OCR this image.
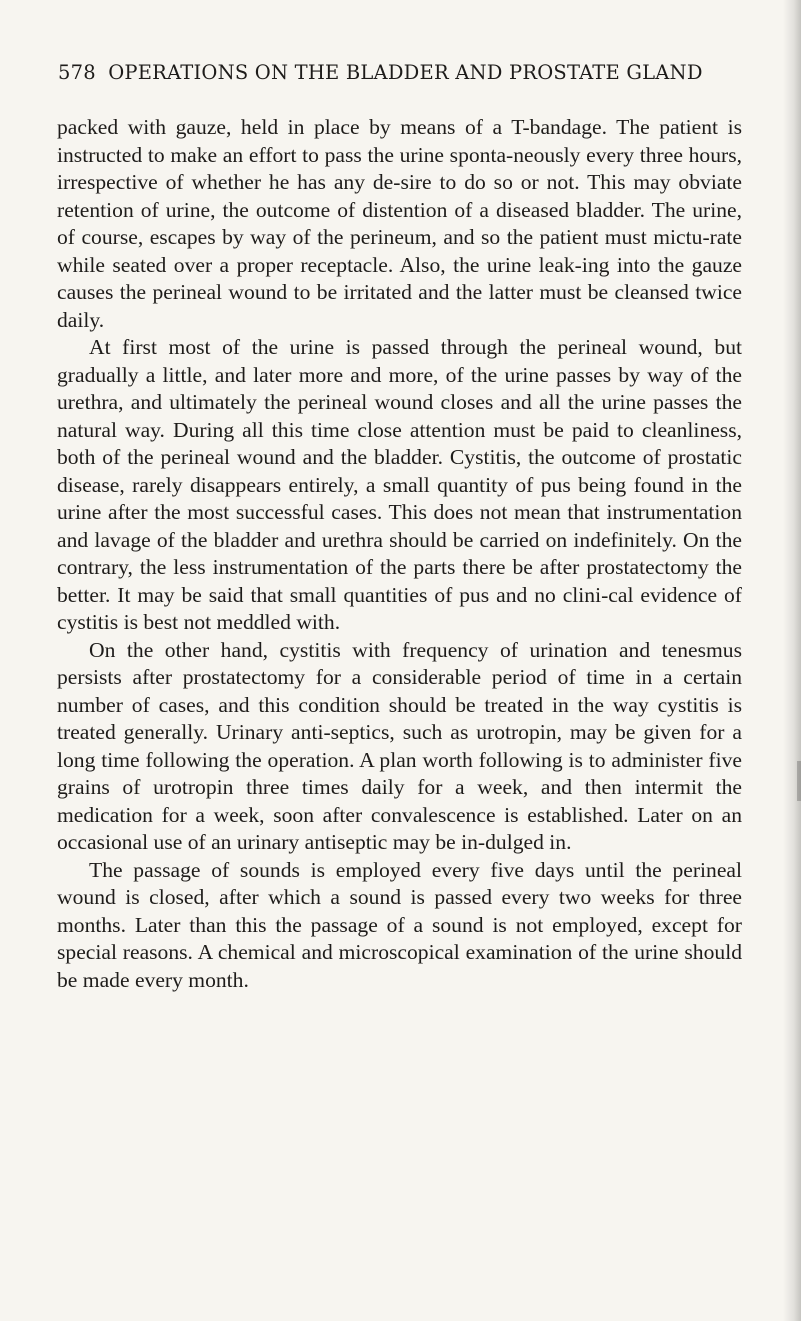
578 OPERATIONS ON THE BLADDER AND PROSTATE GLAND

packed with gauze, held in place by means of a T-bandage. The patient is instructed to make an effort to pass the urine sponta-neously every three hours, irrespective of whether he has any de-sire to do so or not. This may obviate retention of urine, the outcome of distention of a diseased bladder. The urine, of course, escapes by way of the perineum, and so the patient must mictu-rate while seated over a proper receptacle. Also, the urine leak-ing into the gauze causes the perineal wound to be irritated and the latter must be cleansed twice daily.

At first most of the urine is passed through the perineal wound, but gradually a little, and later more and more, of the urine passes by way of the urethra, and ultimately the perineal wound closes and all the urine passes the natural way. During all this time close attention must be paid to cleanliness, both of the perineal wound and the bladder. Cystitis, the outcome of prostatic disease, rarely disappears entirely, a small quantity of pus being found in the urine after the most successful cases. This does not mean that instrumentation and lavage of the bladder and urethra should be carried on indefinitely. On the contrary, the less instrumentation of the parts there be after prostatectomy the better. It may be said that small quantities of pus and no clini-cal evidence of cystitis is best not meddled with.

On the other hand, cystitis with frequency of urination and tenesmus persists after prostatectomy for a considerable period of time in a certain number of cases, and this condition should be treated in the way cystitis is treated generally. Urinary anti-septics, such as urotropin, may be given for a long time following the operation. A plan worth following is to administer five grains of urotropin three times daily for a week, and then intermit the medication for a week, soon after convalescence is established. Later on an occasional use of an urinary antiseptic may be in-dulged in.

The passage of sounds is employed every five days until the perineal wound is closed, after which a sound is passed every two weeks for three months. Later than this the passage of a sound is not employed, except for special reasons. A chemical and microscopical examination of the urine should be made every month.
